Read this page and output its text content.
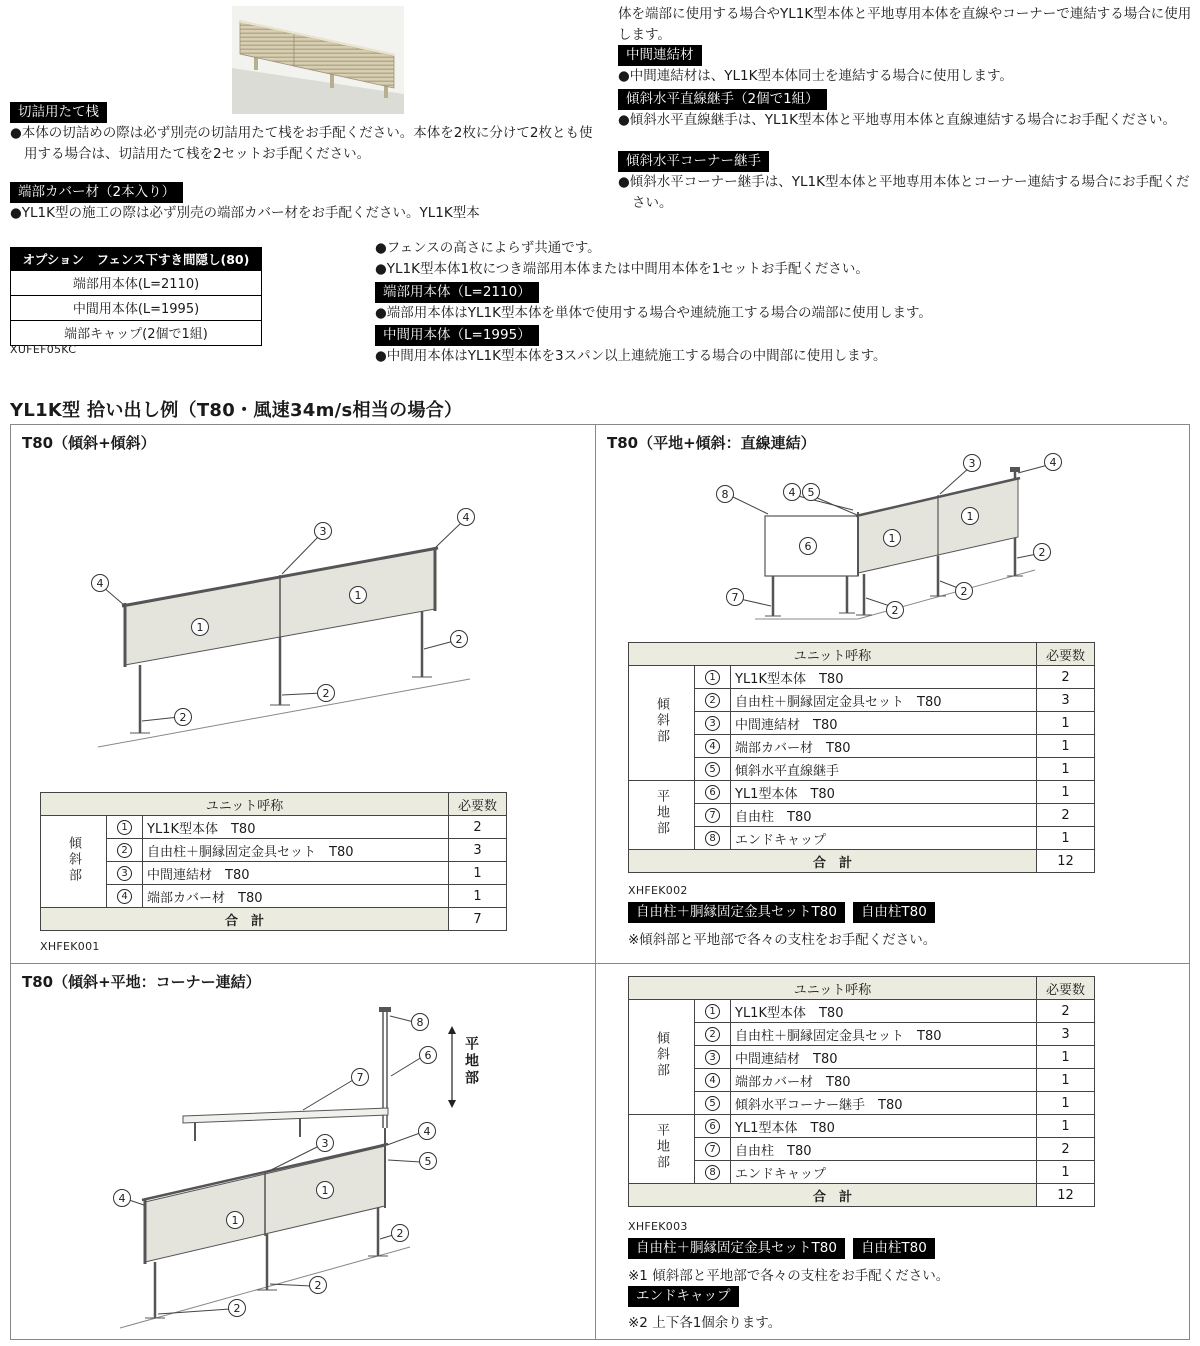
切詰用たて桟
●本体の切詰めの際は必ず別売の切詰用たて桟をお手配ください。本体を2枚に分けて2枚とも使用する場合は、切詰用たて桟を2セットお手配ください。
端部カバー材（2本入り）
●YL1K型の施工の際は必ず別売の端部カバー材をお手配ください。YL1K型本
体を端部に使用する場合やYL1K型本体と平地専用本体を直線やコーナーで連結する場合に使用します。
中間連結材
●中間連結材は、YL1K型本体同士を連結する場合に使用します。
傾斜水平直線継手（2個で1組）
●傾斜水平直線継手は、YL1K型本体と平地専用本体と直線連結する場合にお手配ください。
傾斜水平コーナー継手
●傾斜水平コーナー継手は、YL1K型本体と平地専用本体とコーナー連結する場合にお手配ください。
オプション　フェンス下すき間隠し(80)
端部用本体(L=2110)
中間用本体(L=1995)
端部キャップ(2個で1組)
XUFEF05KC
●フェンスの高さによらず共通です。
●YL1K型本体1枚につき端部用本体または中間用本体を1セットお手配ください。
端部用本体（L=2110）
●端部用本体はYL1K型本体を単体で使用する場合や連続施工する場合の端部に使用します。
中間用本体（L=1995）
●中間用本体はYL1K型本体を3スパン以上連続施工する場合の中間部に使用します。
YL1K型 拾い出し例（T80・風速34m/s相当の場合）
T80（傾斜+傾斜）
4
1
1
3
4
2
2
2
ユニット呼称			必要数
傾斜部	1	YL1K型本体　T80	2
	2	自由柱＋胴縁固定金具セット　T80	3
	3	中間連結材　T80	1
	4	端部カバー材　T80	1
合　計			7
XHFEK001
T80（平地+傾斜：直線連結）
8	4	5
6
7
1
1
3	4
2
2
2
ユニット呼称			必要数
傾斜部	1	YL1K型本体　T80	2
	2	自由柱＋胴縁固定金具セット　T80	3
	3	中間連結材　T80	1
	4	端部カバー材　T80	1
	5	傾斜水平直線継手	1
平地部	6	YL1型本体　T80	1
	7	自由柱　T80	2
	8	エンドキャップ	1
合　計			12
XHFEK002
自由柱＋胴縁固定金具セットT80	自由柱T80
※傾斜部と平地部で各々の支柱をお手配ください。
T80（傾斜+平地：コーナー連結）
8
6
7
3
4
5
1
1
4
2
2
2
平地部
ユニット呼称			必要数
傾斜部	1	YL1K型本体　T80	2
	2	自由柱＋胴縁固定金具セット　T80	3
	3	中間連結材　T80	1
	4	端部カバー材　T80	1
	5	傾斜水平コーナー継手　T80	1
平地部	6	YL1型本体　T80	1
	7	自由柱　T80	2
	8	エンドキャップ	1
合　計			12
XHFEK003
自由柱＋胴縁固定金具セットT80	自由柱T80
※1 傾斜部と平地部で各々の支柱をお手配ください。
エンドキャップ
※2 上下各1個余ります。
